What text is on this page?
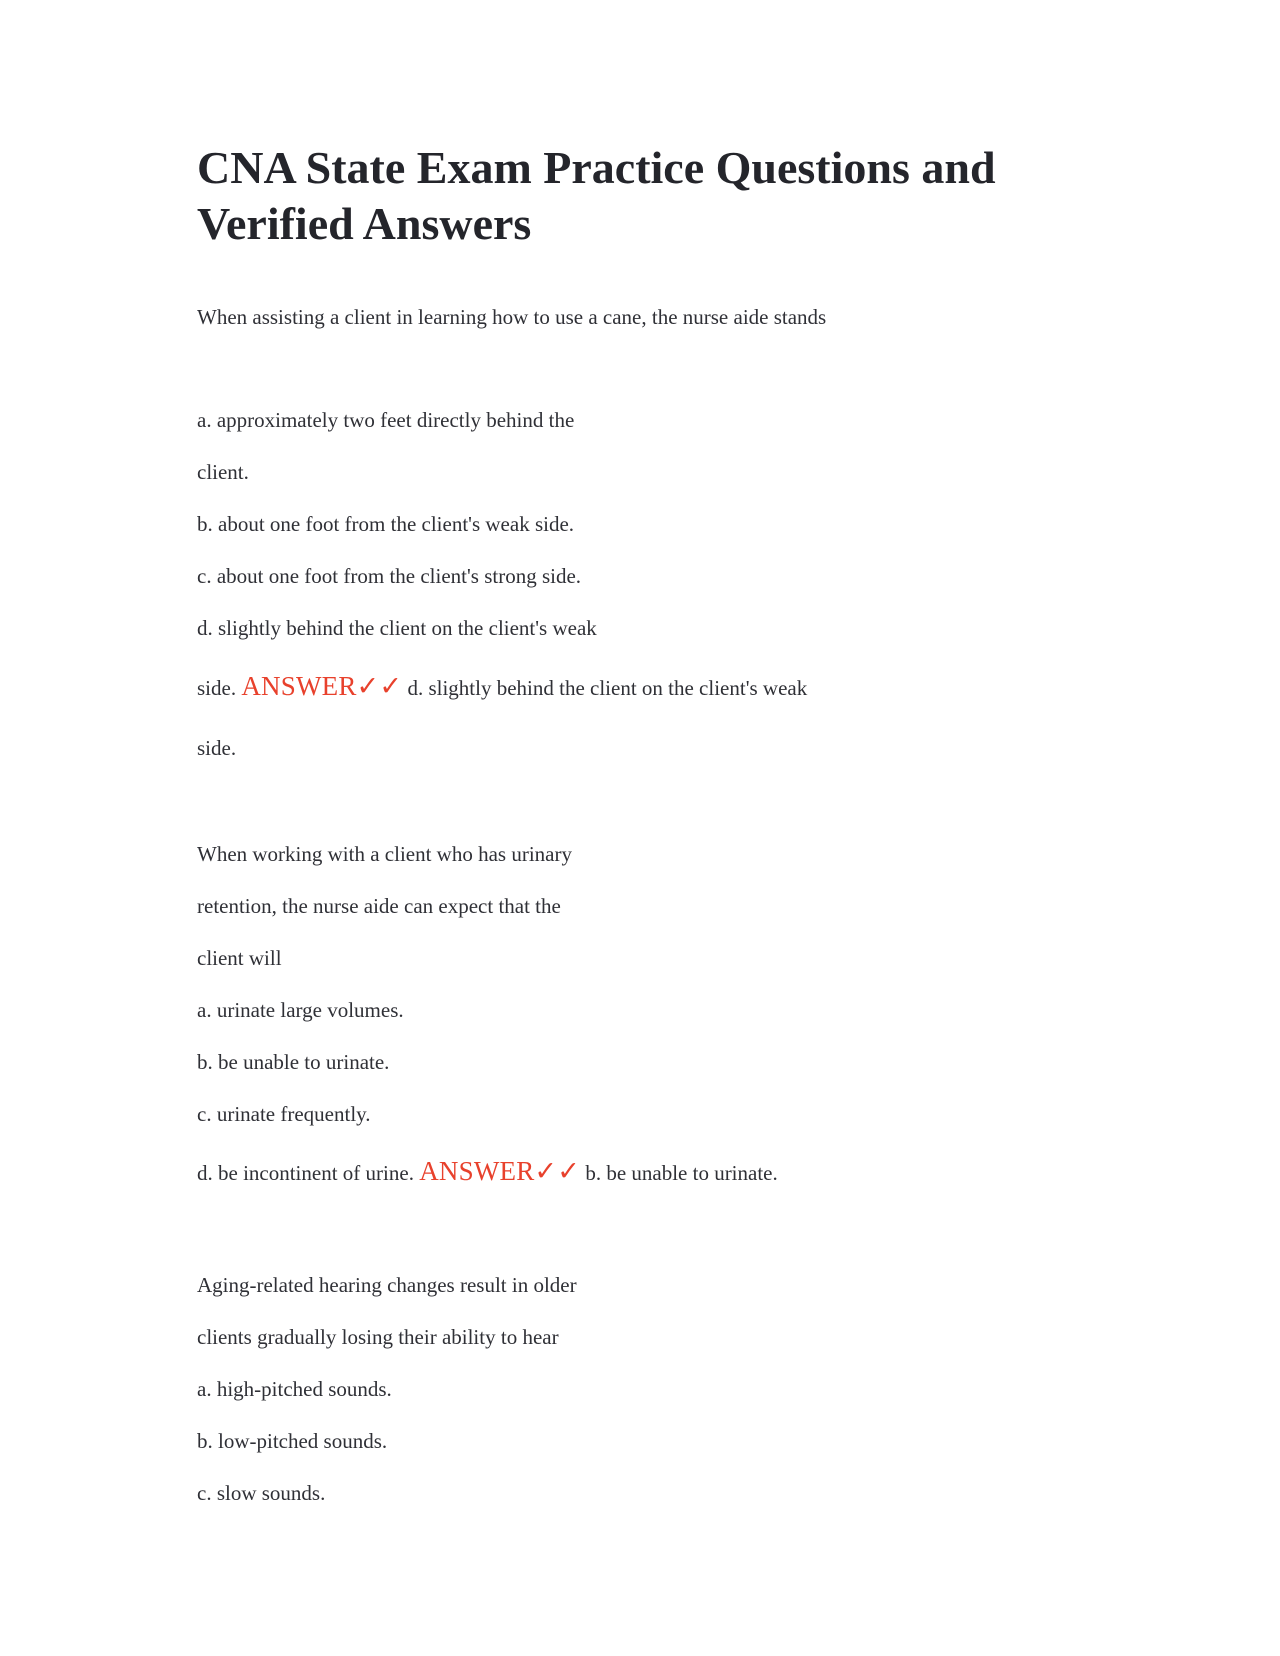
CNA State Exam Practice Questions and Verified Answers

When assisting a client in learning how to use a cane, the nurse aide stands

a. approximately two feet directly behind the

client.

b. about one foot from the client's weak side.

c. about one foot from the client's strong side.

d. slightly behind the client on the client's weak

side. ANSWER✓✓ d. slightly behind the client on the client's weak

side.

When working with a client who has urinary

retention, the nurse aide can expect that the

client will

a. urinate large volumes.

b. be unable to urinate.

c. urinate frequently.

d. be incontinent of urine. ANSWER✓✓ b. be unable to urinate.

Aging-related hearing changes result in older

clients gradually losing their ability to hear

a. high-pitched sounds.

b. low-pitched sounds.

c. slow sounds.
